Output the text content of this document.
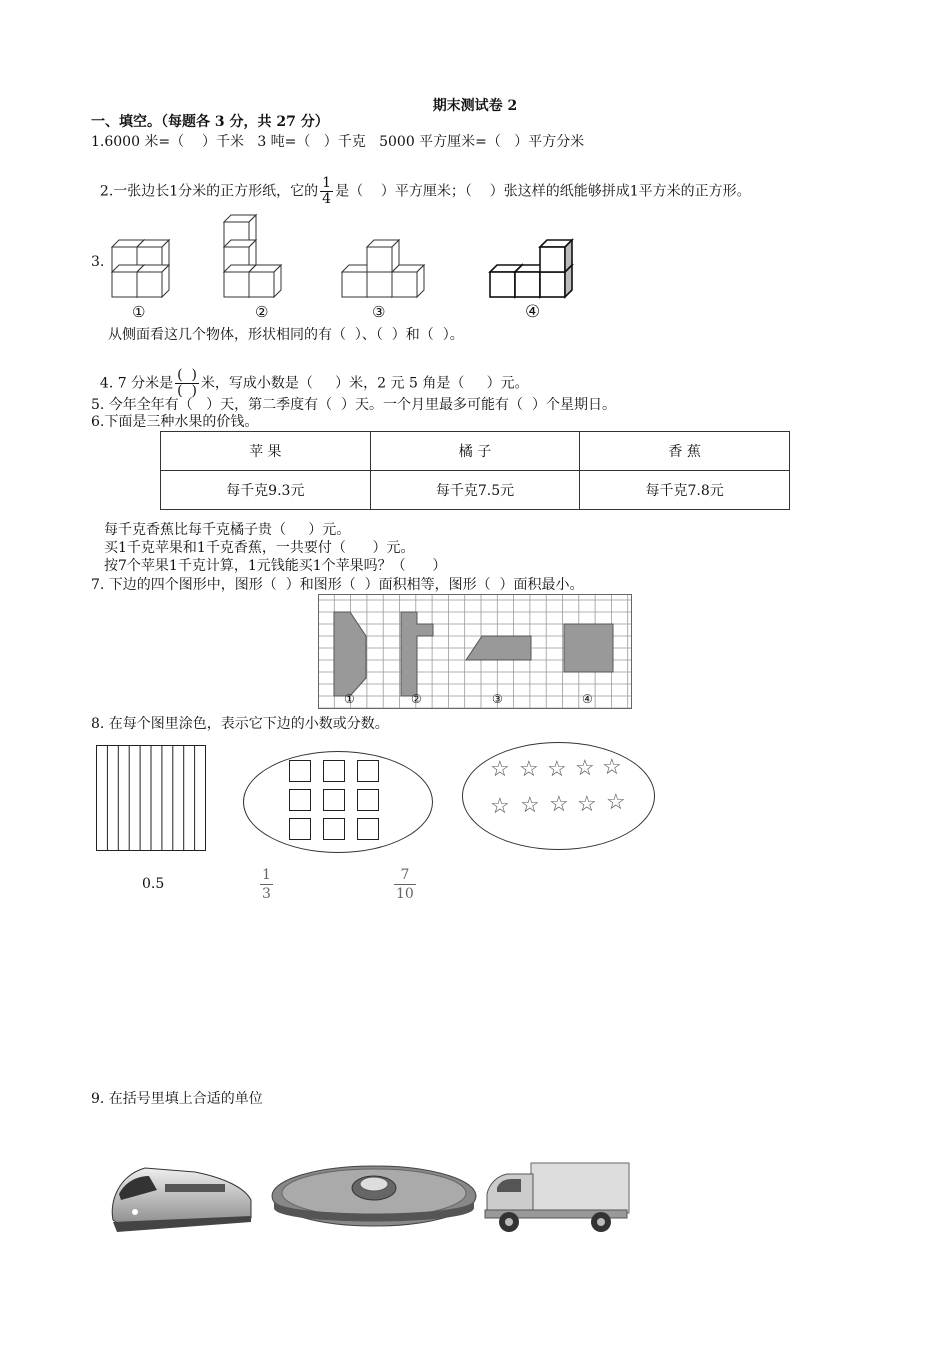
期末测试卷 2
一、填空。（每题各 3 分，共 27 分）
1.6000 米=（    ）千米   3 吨=（   ）千克   5000 平方厘米=（   ）平方分米

2.一张边长1分米的正方形纸，它的 $\frac{1}{4}$ 是（    ）平方厘米；（    ）张这样的纸能够拼成1平方米的正方形。

3.
①	②	③	④
从侧面看这几个物体，形状相同的有（  ）、（  ）和（  ）。

4. 7 分米是 $\frac{( )}{( )}$ 米，写成小数是（     ）米，2 元 5 角是（     ）元。

5. 今年全年有（   ）天，第二季度有（  ）天。一个月里最多可能有（  ）个星期日。
6.下面是三种水果的价钱。
苹 果	橘 子	香 蕉
每千克9.3元	每千克7.5元	每千克7.8元
每千克香蕉比每千克橘子贵（     ）元。
买1千克苹果和1千克香蕉，一共要付（      ）元。
按7个苹果1千克计算，1元钱能买1个苹果吗？（      ）
7. 下边的四个图形中，图形（  ）和图形（  ）面积相等，图形（  ）面积最小。
①	②	③	④
8. 在每个图里涂色，表示它下边的小数或分数。
☆ ☆ ☆ ☆ ☆
☆ ☆ ☆ ☆ ☆
0.5	$\frac{1}{3}$	$\frac{7}{10}$
9. 在括号里填上合适的单位
